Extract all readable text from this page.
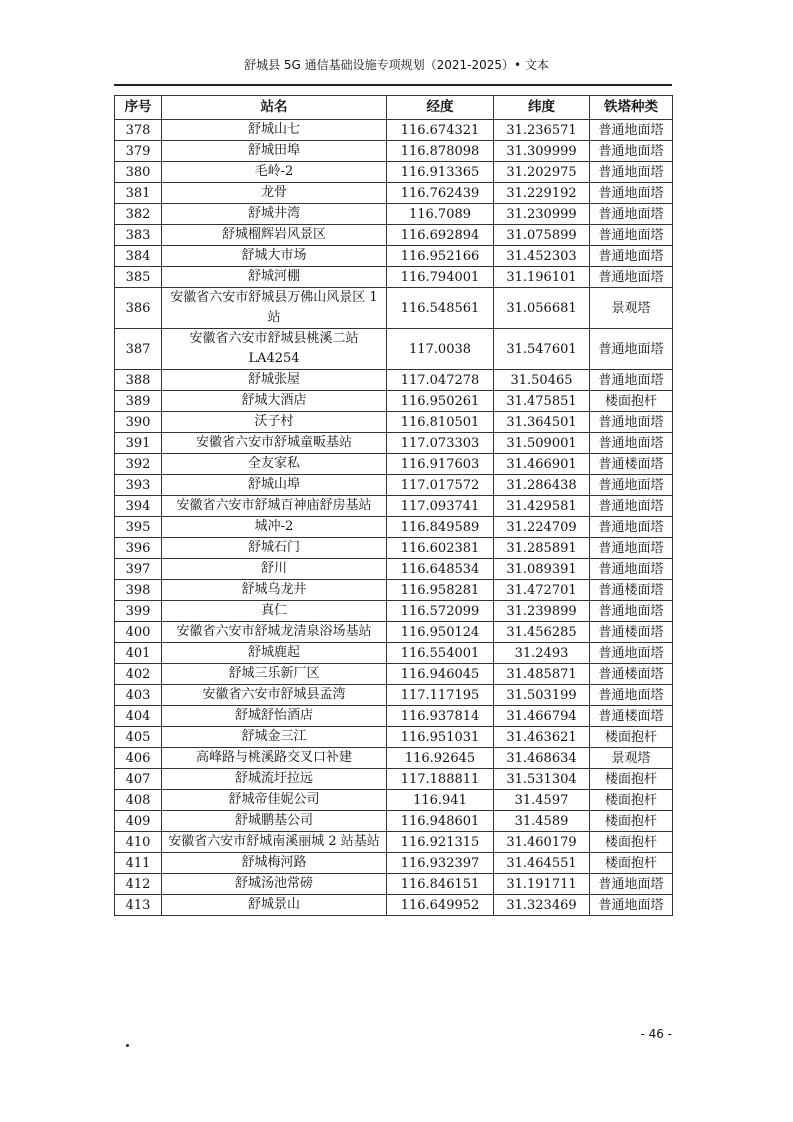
舒城县 5G 通信基础设施专项规划（2021-2025）• 文本
序号	站名	经度	纬度	铁塔种类
378	舒城山七	116.674321	31.236571	普通地面塔
379	舒城田埠	116.878098	31.309999	普通地面塔
380	毛岭-2	116.913365	31.202975	普通地面塔
381	龙骨	116.762439	31.229192	普通地面塔
382	舒城井湾	116.7089	31.230999	普通地面塔
383	舒城榴辉岩风景区	116.692894	31.075899	普通地面塔
384	舒城大市场	116.952166	31.452303	普通地面塔
385	舒城河棚	116.794001	31.196101	普通地面塔
386	安徽省六安市舒城县万佛山风景区 1 站	116.548561	31.056681	景观塔
387	安徽省六安市舒城县桃溪二站 LA4254	117.0038	31.547601	普通地面塔
388	舒城张屋	117.047278	31.50465	普通地面塔
389	舒城大酒店	116.950261	31.475851	楼面抱杆
390	沃子村	116.810501	31.364501	普通地面塔
391	安徽省六安市舒城童畈基站	117.073303	31.509001	普通地面塔
392	全友家私	116.917603	31.466901	普通楼面塔
393	舒城山埠	117.017572	31.286438	普通地面塔
394	安徽省六安市舒城百神庙舒房基站	117.093741	31.429581	普通地面塔
395	城冲-2	116.849589	31.224709	普通地面塔
396	舒城石门	116.602381	31.285891	普通地面塔
397	舒川	116.648534	31.089391	普通地面塔
398	舒城乌龙井	116.958281	31.472701	普通楼面塔
399	真仁	116.572099	31.239899	普通地面塔
400	安徽省六安市舒城龙清泉浴场基站	116.950124	31.456285	普通楼面塔
401	舒城鹿起	116.554001	31.2493	普通地面塔
402	舒城三乐新厂区	116.946045	31.485871	普通楼面塔
403	安徽省六安市舒城县孟湾	117.117195	31.503199	普通地面塔
404	舒城舒怡酒店	116.937814	31.466794	普通楼面塔
405	舒城金三江	116.951031	31.463621	楼面抱杆
406	高峰路与桃溪路交叉口补建	116.92645	31.468634	景观塔
407	舒城流圩拉远	117.188811	31.531304	楼面抱杆
408	舒城帝佳妮公司	116.941	31.4597	楼面抱杆
409	舒城鹏基公司	116.948601	31.4589	楼面抱杆
410	安徽省六安市舒城南溪丽城 2 站基站	116.921315	31.460179	楼面抱杆
411	舒城梅河路	116.932397	31.464551	楼面抱杆
412	舒城汤池常磅	116.846151	31.191711	普通地面塔
413	舒城景山	116.649952	31.323469	普通地面塔
- 46 -
